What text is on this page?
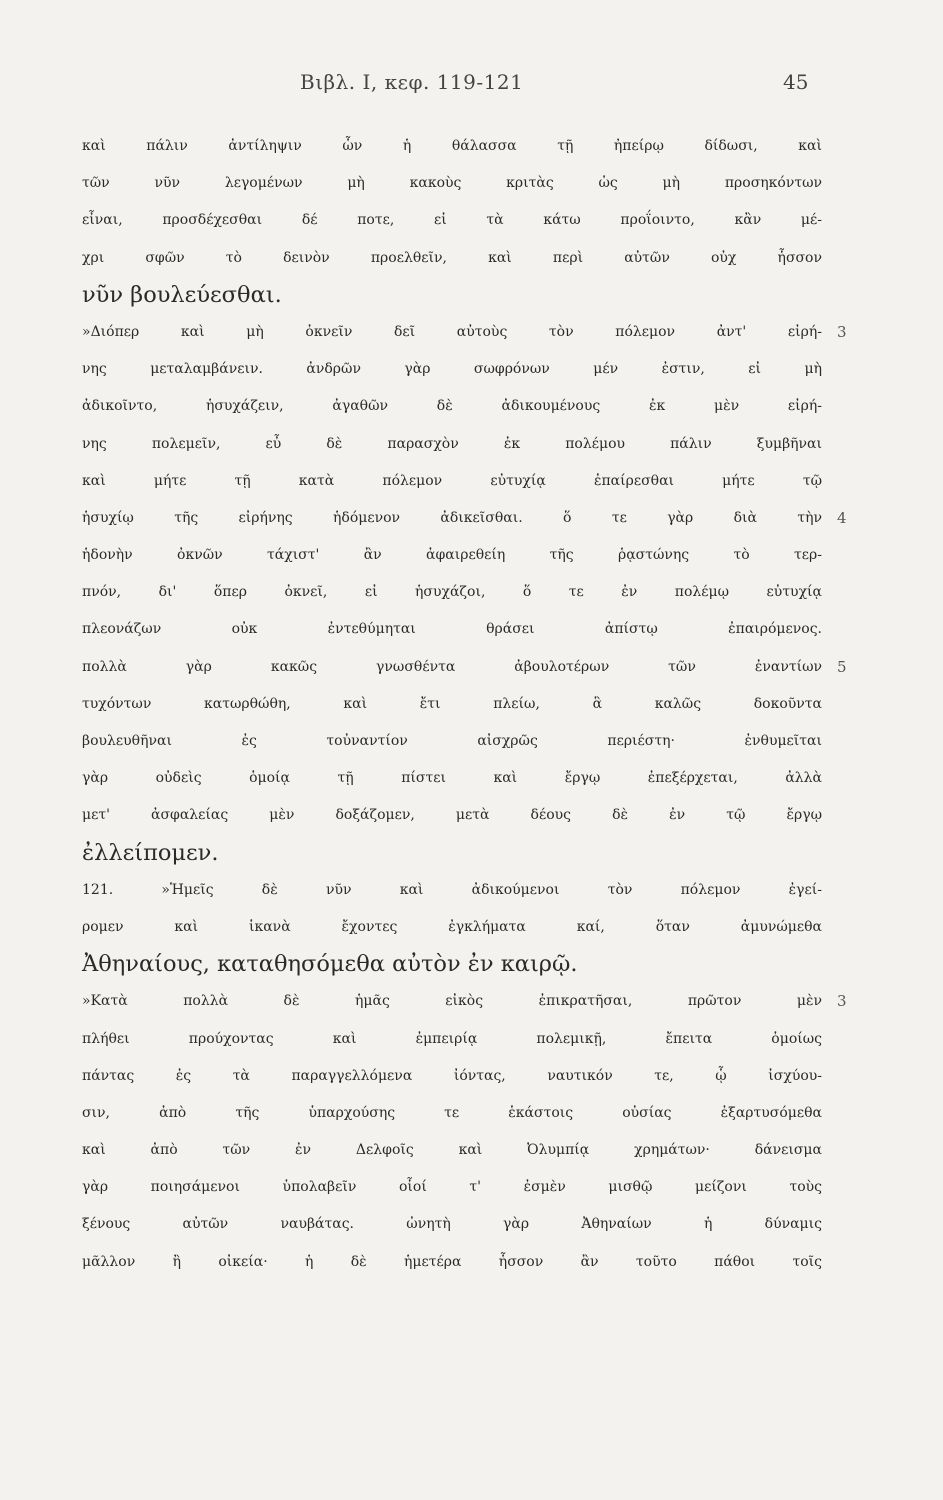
Βιβλ. I, κεφ. 119-121	45
καὶ πάλιν ἀντίληψιν ὧν ἡ θάλασσα τῇ ἠπείρῳ δίδωσι, καὶ
τῶν νῦν λεγομένων μὴ κακοὺς κριτὰς ὡς μὴ προσηκόντων
εἶναι, προσδέχεσθαι δέ ποτε, εἰ τὰ κάτω προΐοιντο, κἂν μέ-
χρι σφῶν τὸ δεινὸν προελθεῖν, καὶ περὶ αὐτῶν οὐχ ἧσσον
νῦν βουλεύεσθαι.
»Διόπερ καὶ μὴ ὀκνεῖν δεῖ αὐτοὺς τὸν πόλεμον ἀντ' εἰρή- 3
νης μεταλαμβάνειν. ἀνδρῶν γὰρ σωφρόνων μέν ἐστιν, εἰ μὴ
ἀδικοῖντο, ἡσυχάζειν, ἀγαθῶν δὲ ἀδικουμένους ἐκ μὲν εἰρή-
νης πολεμεῖν, εὖ δὲ παρασχὸν ἐκ πολέμου πάλιν ξυμβῆναι
καὶ μήτε τῇ κατὰ πόλεμον εὐτυχίᾳ ἐπαίρεσθαι μήτε τῷ
ἡσυχίῳ τῆς εἰρήνης ἡδόμενον ἀδικεῖσθαι. ὅ τε γὰρ διὰ τὴν 4
ἡδονὴν ὀκνῶν τάχιστ' ἂν ἀφαιρεθείη τῆς ῥᾳστώνης τὸ τερ-
πνόν, δι' ὅπερ ὀκνεῖ, εἰ ἡσυχάζοι, ὅ τε ἐν πολέμῳ εὐτυχίᾳ
πλεονάζων οὐκ ἐντεθύμηται θράσει ἀπίστῳ ἐπαιρόμενος.
πολλὰ γὰρ κακῶς γνωσθέντα ἀβουλοτέρων τῶν ἐναντίων 5
τυχόντων κατωρθώθη, καὶ ἔτι πλείω, ἃ καλῶς δοκοῦντα
βουλευθῆναι ἐς τοὐναντίον αἰσχρῶς περιέστη· ἐνθυμεῖται
γὰρ οὐδεὶς ὁμοίᾳ τῇ πίστει καὶ ἔργῳ ἐπεξέρχεται, ἀλλὰ
μετ' ἀσφαλείας μὲν δοξάζομεν, μετὰ δέους δὲ ἐν τῷ ἔργῳ
ἐλλείπομεν.
121. »Ἡμεῖς δὲ νῦν καὶ ἀδικούμενοι τὸν πόλεμον ἐγεί-
ρομεν καὶ ἱκανὰ ἔχοντες ἐγκλήματα καί, ὅταν ἀμυνώμεθα
Ἀθηναίους, καταθησόμεθα αὐτὸν ἐν καιρῷ.
»Κατὰ πολλὰ δὲ ἡμᾶς εἰκὸς ἐπικρατῆσαι, πρῶτον μὲν 3
πλήθει προύχοντας καὶ ἐμπειρίᾳ πολεμικῇ, ἔπειτα ὁμοίως
πάντας ἐς τὰ παραγγελλόμενα ἰόντας, ναυτικόν τε, ᾧ ἰσχύου-
σιν, ἀπὸ τῆς ὑπαρχούσης τε ἑκάστοις οὐσίας ἐξαρτυσόμεθα
καὶ ἀπὸ τῶν ἐν Δελφοῖς καὶ Ὀλυμπίᾳ χρημάτων· δάνεισμα
γὰρ ποιησάμενοι ὑπολαβεῖν οἷοί τ' ἐσμὲν μισθῷ μείζονι τοὺς
ξένους αὐτῶν ναυβάτας. ὠνητὴ γὰρ Ἀθηναίων ἡ δύναμις
μᾶλλον ἢ οἰκεία· ἡ δὲ ἡμετέρα ἧσσον ἂν τοῦτο πάθοι τοῖς
